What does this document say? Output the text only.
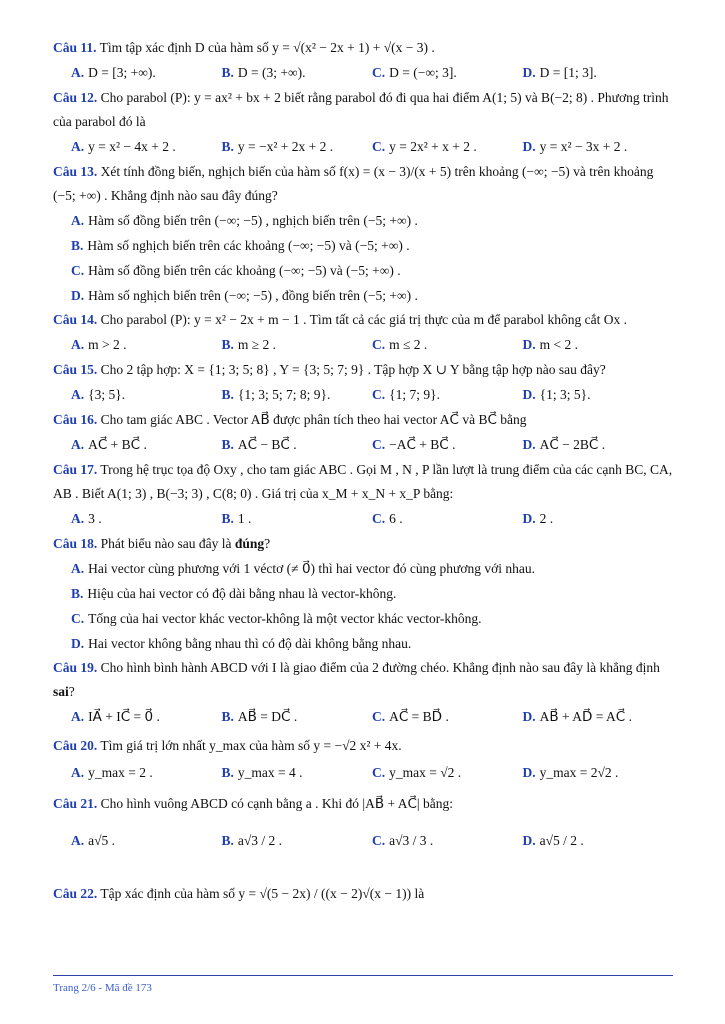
Câu 11. Tìm tập xác định D của hàm số y = √(x² − 2x + 1) + √(x − 3) .
A. D = [3; +∞).	B. D = (3; +∞).	C. D = (−∞; 3].	D. D = [1; 3].
Câu 12. Cho parabol (P): y = ax² + bx + 2 biết rằng parabol đó đi qua hai điểm A(1; 5) và B(−2; 8) . Phương trình của parabol đó là
A. y = x² − 4x + 2 .	B. y = −x² + 2x + 2 .	C. y = 2x² + x + 2 .	D. y = x² − 3x + 2 .
Câu 13. Xét tính đồng biến, nghịch biến của hàm số f(x) = (x − 3)/(x + 5) trên khoảng (−∞; −5) và trên khoảng (−5; +∞) . Khẳng định nào sau đây đúng?
A. Hàm số đồng biến trên (−∞; −5) , nghịch biến trên (−5; +∞) .
B. Hàm số nghịch biến trên các khoảng (−∞; −5) và (−5; +∞) .
C. Hàm số đồng biến trên các khoảng (−∞; −5) và (−5; +∞) .
D. Hàm số nghịch biến trên (−∞; −5) , đồng biến trên (−5; +∞) .
Câu 14. Cho parabol (P): y = x² − 2x + m − 1 . Tìm tất cả các giá trị thực của m để parabol không cắt Ox .
A. m > 2 .	B. m ≥ 2 .	C. m ≤ 2 .	D. m < 2 .
Câu 15. Cho 2 tập hợp: X = {1; 3; 5; 8} , Y = {3; 5; 7; 9} . Tập hợp X ∪ Y bằng tập hợp nào sau đây?
A. {3; 5}.	B. {1; 3; 5; 7; 8; 9}.	C. {1; 7; 9}.	D. {1; 3; 5}.
Câu 16. Cho tam giác ABC . Vector AB⃗ được phân tích theo hai vector AC⃗ và BC⃗ bằng
A. AC⃗ + BC⃗ .	B. AC⃗ − BC⃗ .	C. −AC⃗ + BC⃗ .	D. AC⃗ − 2BC⃗ .
Câu 17. Trong hệ trục tọa độ Oxy , cho tam giác ABC . Gọi M , N , P lần lượt là trung điểm của các cạnh BC, CA, AB . Biết A(1; 3) , B(−3; 3) , C(8; 0) . Giá trị của x_M + x_N + x_P bằng:
A. 3 .	B. 1 .	C. 6 .	D. 2 .
Câu 18. Phát biểu nào sau đây là đúng?
A. Hai vector cùng phương với 1 véctơ (≠ 0⃗) thì hai vector đó cùng phương với nhau.
B. Hiệu của hai vector có độ dài bằng nhau là vector-không.
C. Tổng của hai vector khác vector-không là một vector khác vector-không.
D. Hai vector không bằng nhau thì có độ dài không bằng nhau.
Câu 19. Cho hình bình hành ABCD với I là giao điểm của 2 đường chéo. Khẳng định nào sau đây là khẳng định sai?
A. IA⃗ + IC⃗ = 0⃗ .	B. AB⃗ = DC⃗ .	C. AC⃗ = BD⃗ .	D. AB⃗ + AD⃗ = AC⃗ .
Câu 20. Tìm giá trị lớn nhất y_max của hàm số y = −√2 x² + 4x.
A. y_max = 2 .	B. y_max = 4 .	C. y_max = √2 .	D. y_max = 2√2 .
Câu 21. Cho hình vuông ABCD có cạnh bằng a . Khi đó |AB⃗ + AC⃗| bằng:
A. a√5 .	B. a√3 / 2 .	C. a√3 / 3 .	D. a√5 / 2 .
Câu 22. Tập xác định của hàm số y = √(5 − 2x) / ((x − 2)√(x − 1)) là
Trang 2/6 - Mã đề 173
